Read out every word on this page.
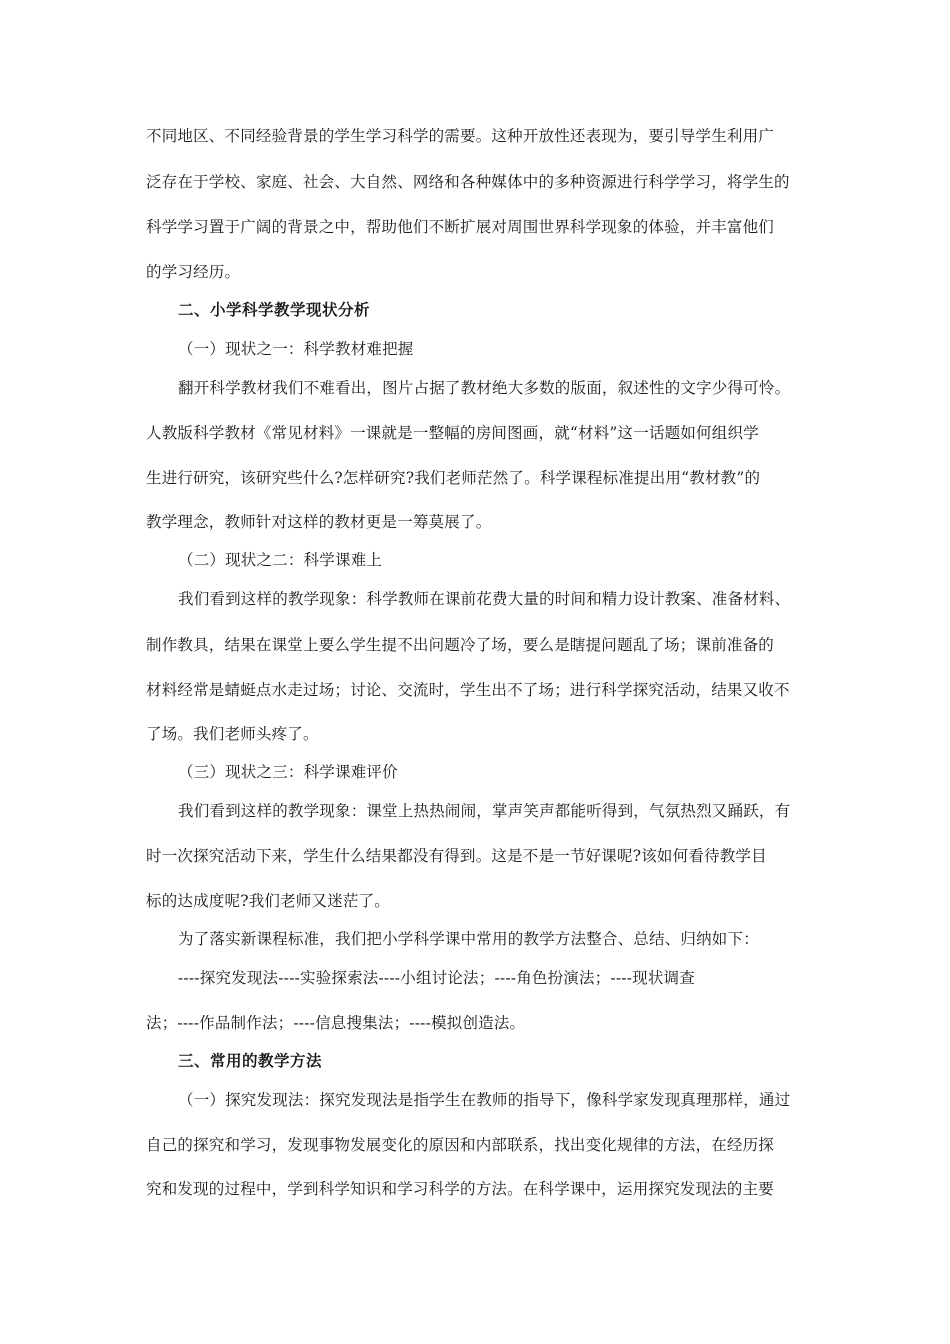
不同地区、不同经验背景的学生学习科学的需要。这种开放性还表现为，要引导学生利用广
泛存在于学校、家庭、社会、大自然、网络和各种媒体中的多种资源进行科学学习，将学生的
科学学习置于广阔的背景之中，帮助他们不断扩展对周围世界科学现象的体验，并丰富他们
的学习经历。
二、小学科学教学现状分析
（一）现状之一：科学教材难把握
翻开科学教材我们不难看出，图片占据了教材绝大多数的版面，叙述性的文字少得可怜。
人教版科学教材《常见材料》一课就是一整幅的房间图画，就“材料”这一话题如何组织学
生进行研究，该研究些什么?怎样研究?我们老师茫然了。科学课程标准提出用“教材教”的
教学理念，教师针对这样的教材更是一筹莫展了。
（二）现状之二：科学课难上
我们看到这样的教学现象：科学教师在课前花费大量的时间和精力设计教案、准备材料、
制作教具，结果在课堂上要么学生提不出问题冷了场，要么是瞎提问题乱了场；课前准备的
材料经常是蜻蜓点水走过场；讨论、交流时，学生出不了场；进行科学探究活动，结果又收不
了场。我们老师头疼了。
（三）现状之三：科学课难评价
我们看到这样的教学现象：课堂上热热闹闹，掌声笑声都能听得到，气氛热烈又踊跃，有
时一次探究活动下来，学生什么结果都没有得到。这是不是一节好课呢?该如何看待教学目
标的达成度呢?我们老师又迷茫了。
为了落实新课程标准，我们把小学科学课中常用的教学方法整合、总结、归纳如下：
----探究发现法----实验探索法----小组讨论法；----角色扮演法；----现状调查
法；----作品制作法；----信息搜集法；----模拟创造法。
三、常用的教学方法
（一）探究发现法：探究发现法是指学生在教师的指导下，像科学家发现真理那样，通过
自己的探究和学习，发现事物发展变化的原因和内部联系，找出变化规律的方法，在经历探
究和发现的过程中，学到科学知识和学习科学的方法。在科学课中，运用探究发现法的主要
